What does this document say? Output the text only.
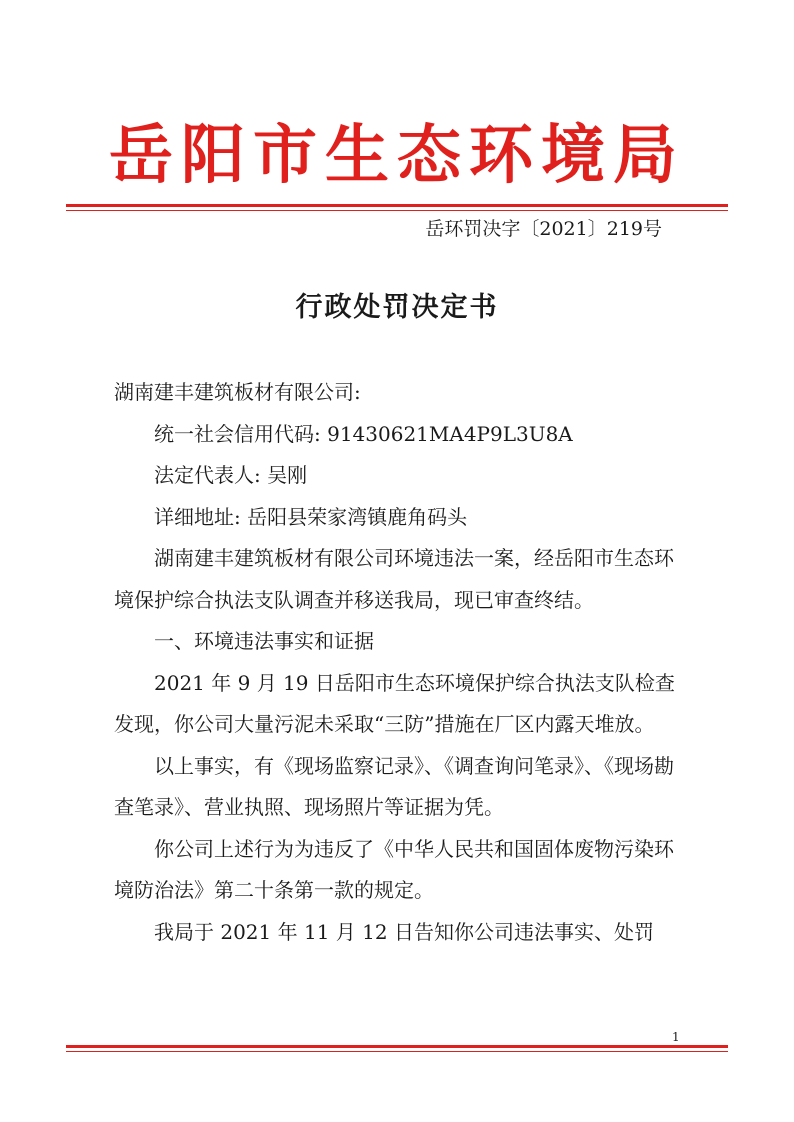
岳阳市生态环境局
岳环罚决字〔2021〕219号
行政处罚决定书

湖南建丰建筑板材有限公司:

统一社会信用代码: 91430621MA4P9L3U8A

法定代表人: 吴刚

详细地址: 岳阳县荣家湾镇鹿角码头

湖南建丰建筑板材有限公司环境违法一案，经岳阳市生态环境保护综合执法支队调查并移送我局，现已审查终结。

一、环境违法事实和证据

2021 年 9 月 19 日岳阳市生态环境保护综合执法支队检查发现，你公司大量污泥未采取“三防”措施在厂区内露天堆放。

以上事实，有《现场监察记录》、《调查询问笔录》、《现场勘查笔录》、营业执照、现场照片等证据为凭。

你公司上述行为为违反了《中华人民共和国固体废物污染环境防治法》第二十条第一款的规定。

我局于 2021 年 11 月 12 日告知你公司违法事实、处罚

1
